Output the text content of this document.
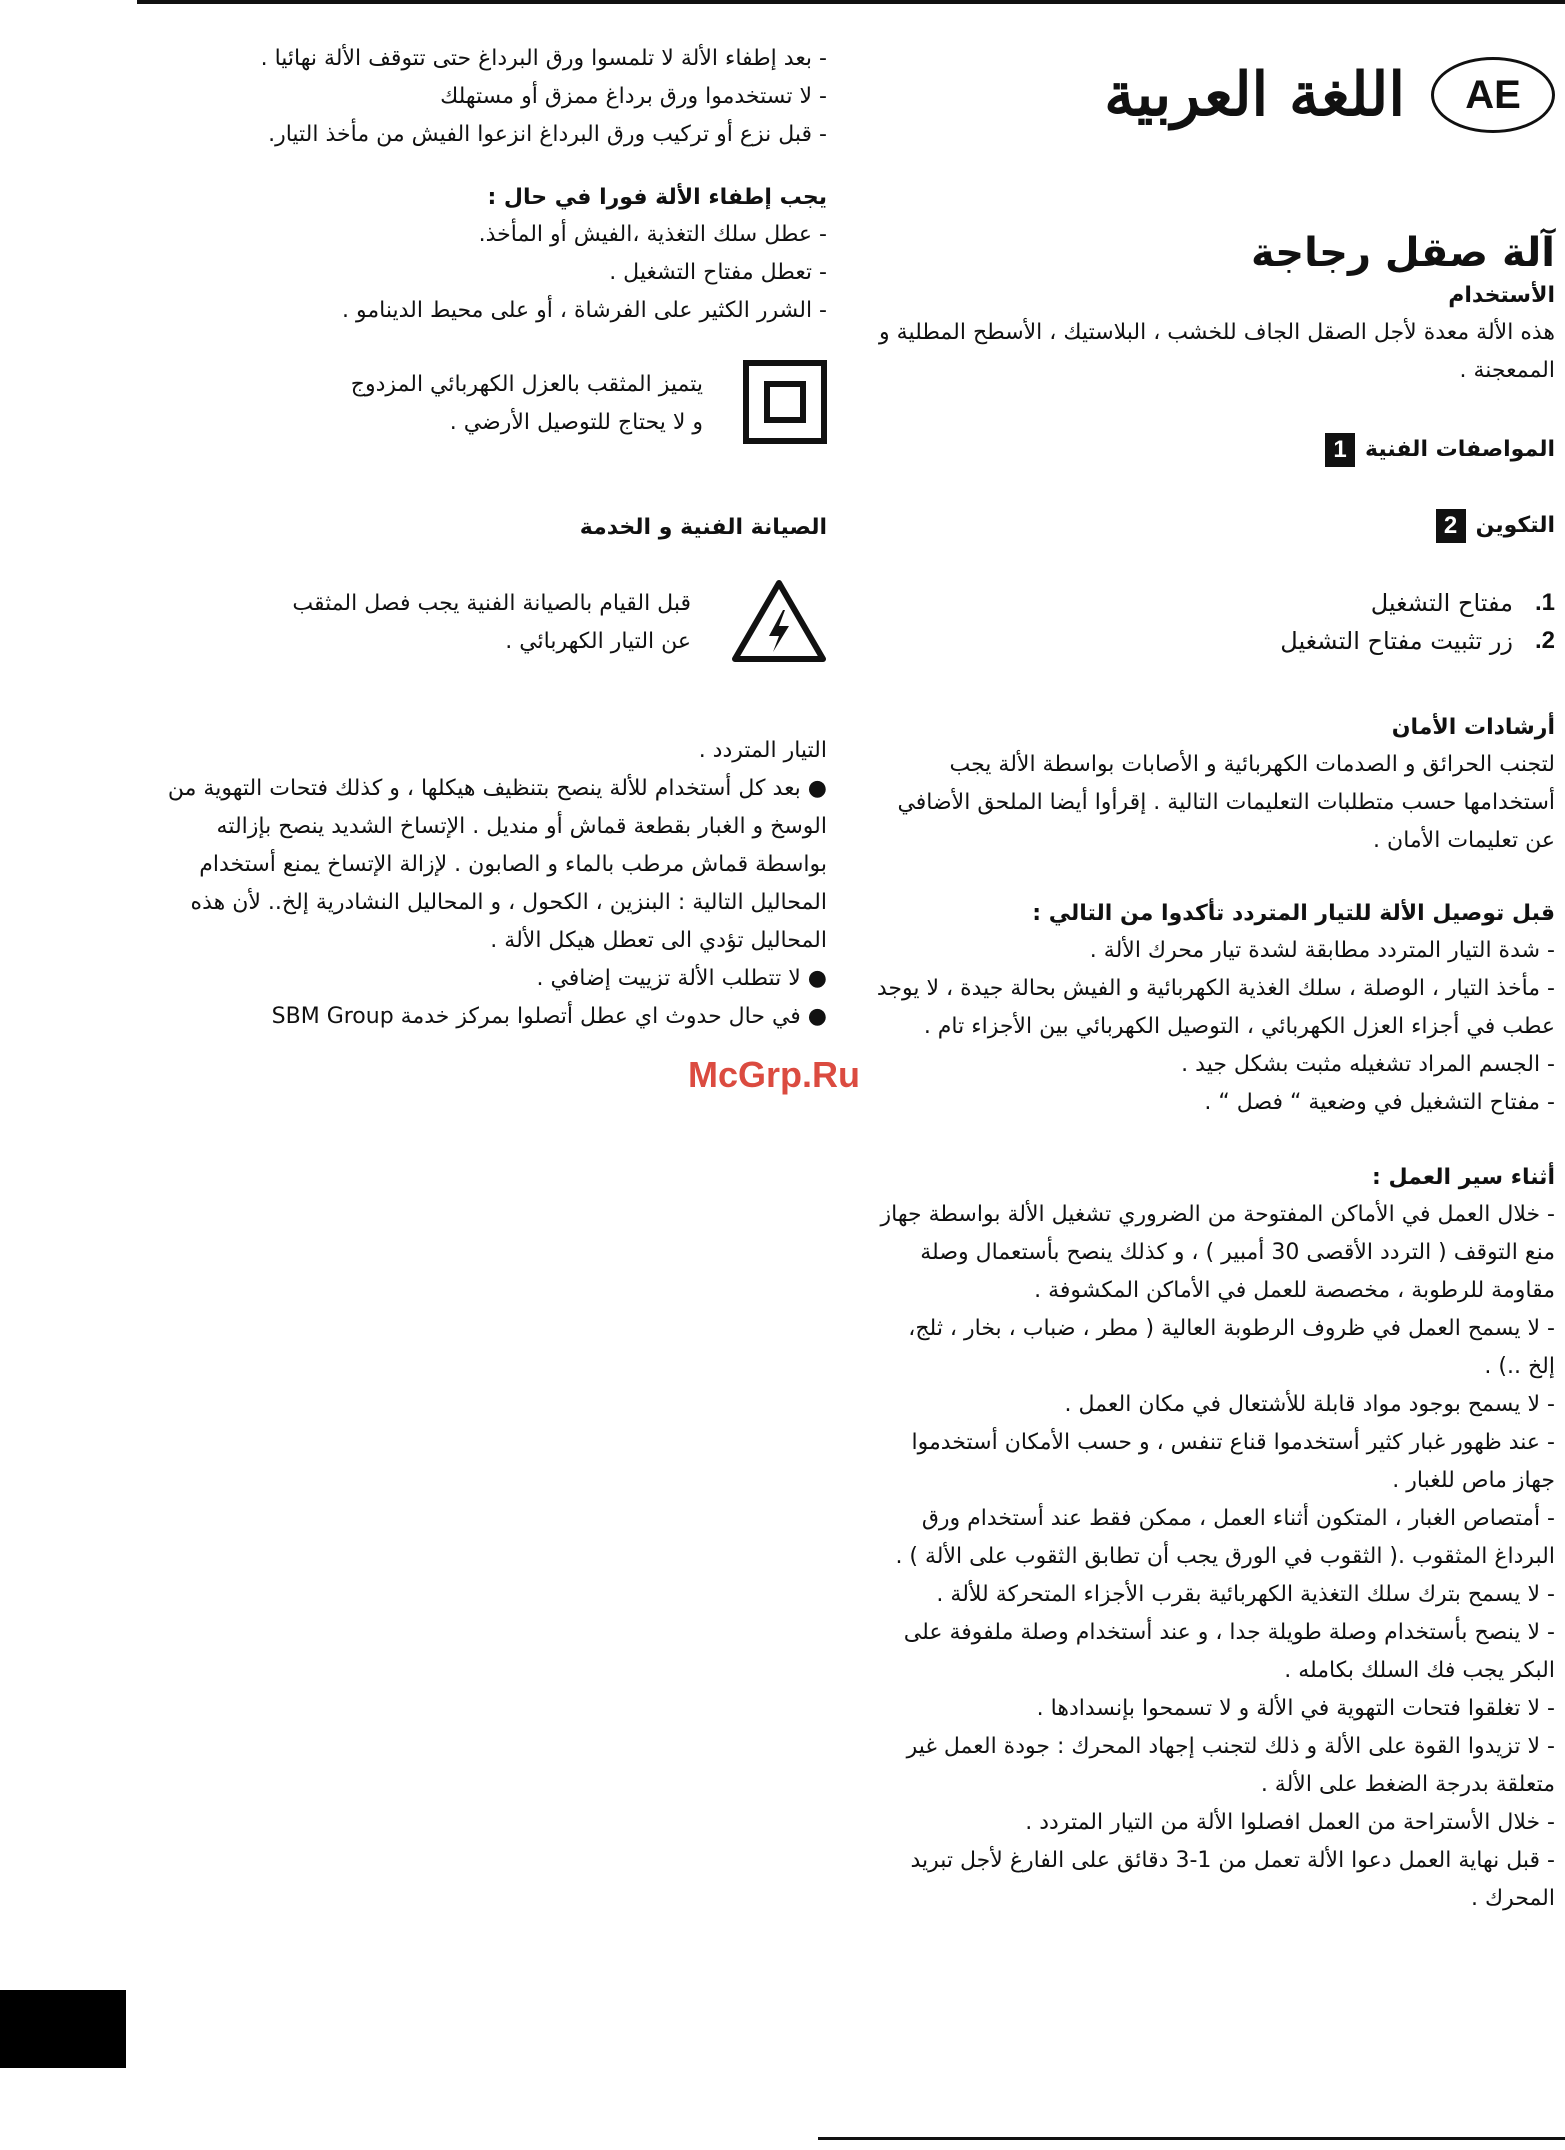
AE
اللغة العربية
آلة صقل رجاجة
الأستخدام

هذه الألة معدة لأجل الصقل الجاف للخشب ، البلاستيك ، الأسطح المطلية و الممعجنة .

المواصفات الفنية
1
التكوين
2
1.
مفتاح التشغيل
2.
زر تثبيت مفتاح التشغيل
أرشادات الأمان

لتجنب الحرائق و الصدمات الكهربائية و الأصابات بواسطة الألة يجب أستخدامها حسب متطلبات التعليمات التالية . إقرأوا أيضا الملحق الأضافي عن تعليمات الأمان .

قبل توصيل الألة للتيار المتردد تأكدوا من التالي :

- شدة التيار المتردد مطابقة لشدة تيار محرك الألة .

- مأخذ التيار ، الوصلة ، سلك الغذية الكهربائية و الفيش بحالة جيدة ، لا يوجد عطب في أجزاء العزل الكهربائي ، التوصيل الكهربائي بين الأجزاء تام .

- الجسم المراد تشغيله مثبت بشكل جيد .

- مفتاح التشغيل في وضعية “ فصل “ .

أثناء سير العمل :

- خلال العمل في الأماكن المفتوحة من الضروري تشغيل الألة بواسطة جهاز منع التوقف ( التردد الأقصى 30 أمبير ) ، و كذلك ينصح بأستعمال وصلة مقاومة للرطوبة ، مخصصة للعمل في الأماكن المكشوفة .

- لا يسمح العمل في ظروف الرطوبة العالية ( مطر ، ضباب ، بخار ، ثلج، إلخ ..) .

- لا يسمح بوجود مواد قابلة للأشتعال في مكان العمل .

- عند ظهور غبار كثير أستخدموا قناع تنفس ، و حسب الأمكان أستخدموا جهاز ماص للغبار .

- أمتصاص الغبار ، المتكون أثناء العمل ، ممكن فقط عند أستخدام ورق البرداغ المثقوب .( الثقوب في الورق يجب أن تطابق الثقوب على الألة ) .

- لا يسمح بترك سلك التغذية الكهربائية بقرب الأجزاء المتحركة للألة .

- لا ينصح بأستخدام وصلة طويلة جدا ، و عند أستخدام وصلة ملفوفة على البكر يجب فك السلك بكامله .

- لا تغلقوا فتحات التهوية في الألة و لا تسمحوا بإنسدادها .

- لا تزيدوا القوة على الألة و ذلك لتجنب إجهاد المحرك : جودة العمل غير متعلقة بدرجة الضغط على الألة .

- خلال الأستراحة من العمل افصلوا الألة من التيار المتردد .

- قبل نهاية العمل دعوا الألة تعمل من 1-3 دقائق على الفارغ لأجل تبريد المحرك .

- بعد إطفاء الألة لا تلمسوا ورق البرداغ حتى تتوقف الألة نهائيا .

- لا تستخدموا ورق برداغ ممزق أو مستهلك

- قبل نزع أو تركيب ورق البرداغ انزعوا الفيش من مأخذ التيار.

يجب إطفاء الألة فورا في حال :

- عطل سلك التغذية ،الفيش أو المأخذ.

- تعطل مفتاح التشغيل .

- الشرر الكثير على الفرشاة ، أو على محيط الدينامو .

يتميز المثقب بالعزل الكهربائي المزدوج
و لا يحتاج للتوصيل الأرضي .
الصيانة الفنية و الخدمة
قبل القيام بالصيانة الفنية يجب فصل المثقب
عن التيار الكهربائي .

التيار المتردد .

● بعد كل أستخدام للألة ينصح بتنظيف هيكلها ، و كذلك فتحات التهوية من الوسخ و الغبار بقطعة قماش أو منديل . الإتساخ الشديد ينصح بإزالته بواسطة قماش مرطب بالماء و الصابون . لإزالة الإتساخ يمنع أستخدام المحاليل التالية : البنزين ، الكحول ، و المحاليل النشادرية إلخ.. لأن هذه المحاليل تؤدي الى تعطل هيكل الألة .

● لا تتطلب الألة تزييت إضافي .

● في حال حدوث اي عطل أتصلوا بمركز خدمة SBM Group

McGrp.Ru
